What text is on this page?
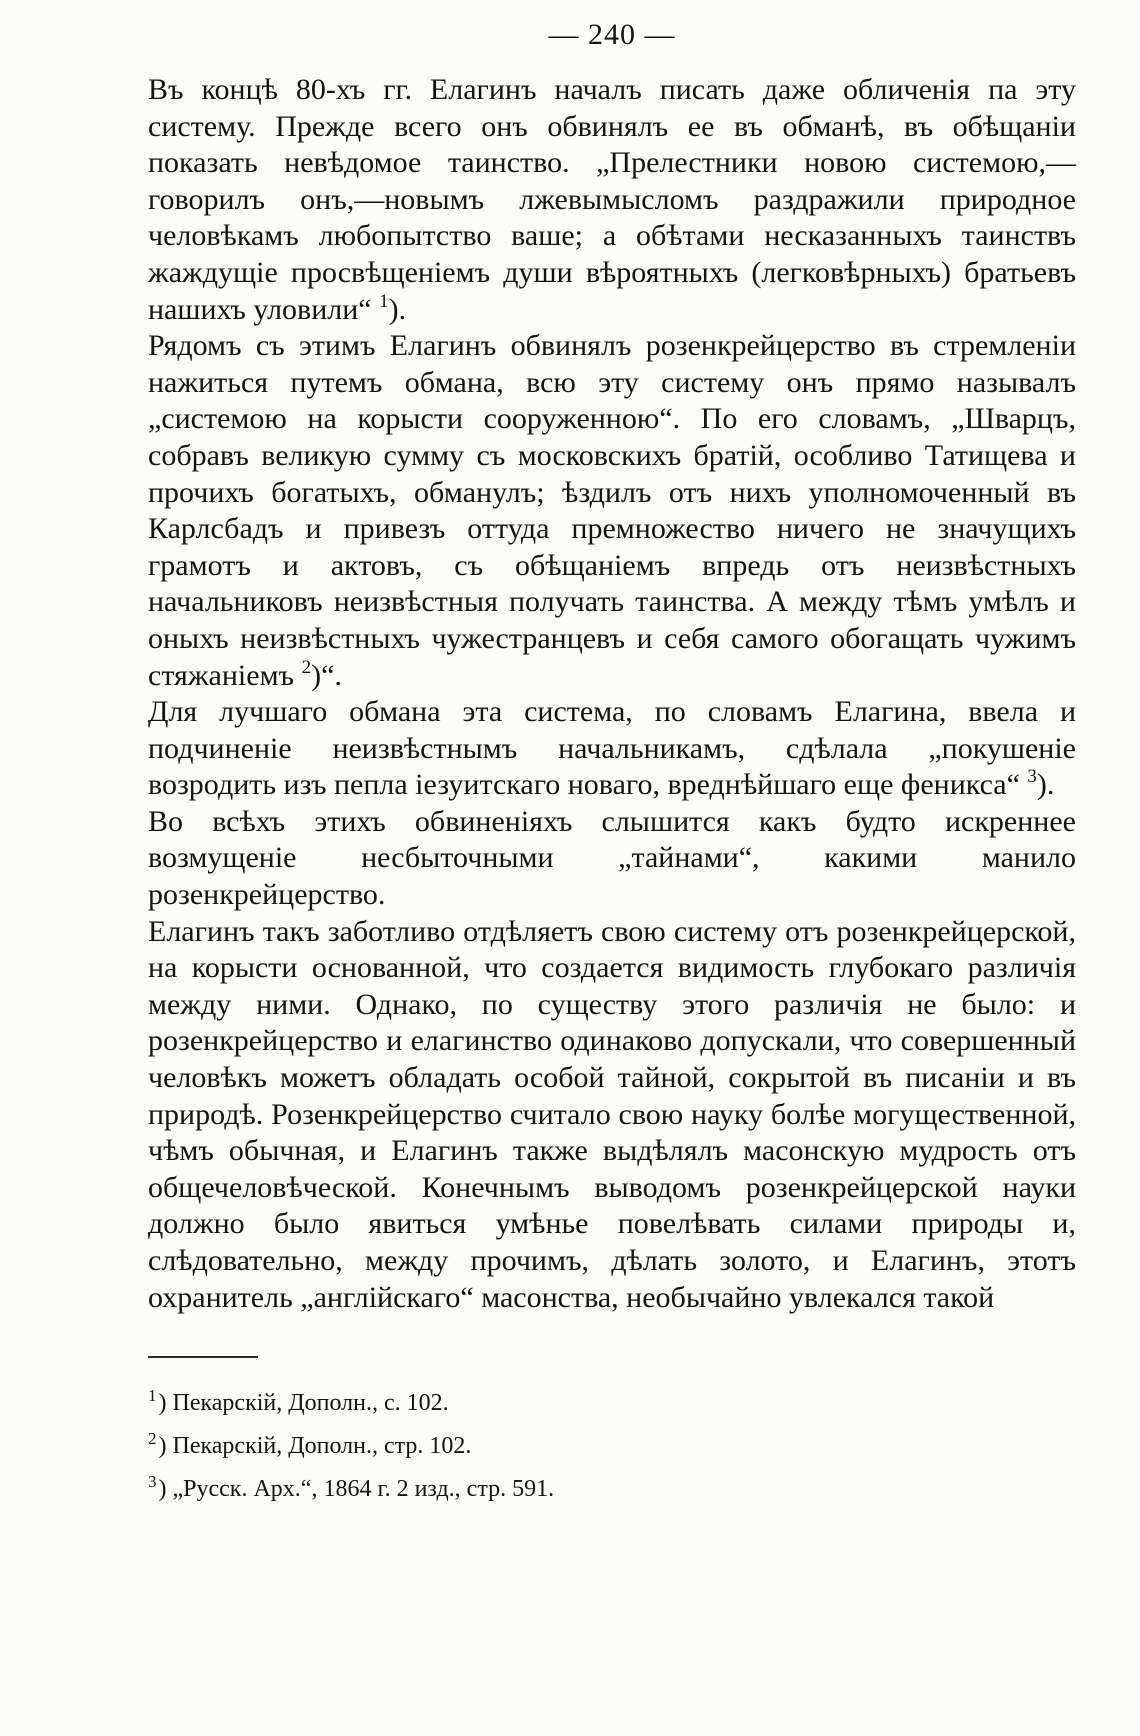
— 240 —

Въ концѣ 80-хъ гг. Елагинъ началъ писать даже обличенія па эту систему. Прежде всего онъ обвинялъ ее въ обманѣ, въ обѣщаніи показать невѣдомое таинство. „Прелестники новою системою,—говорилъ онъ,—новымъ лжевымысломъ раздражили природное человѣкамъ любопытство ваше; а обѣтами несказанныхъ таинствъ жаждущіе просвѣщеніемъ души вѣроятныхъ (легковѣрныхъ) братьевъ нашихъ уловили“ $^1$).

Рядомъ съ этимъ Елагинъ обвинялъ розенкрейцерство въ стремленіи нажиться путемъ обмана, всю эту систему онъ прямо называлъ „системою на корысти сооруженною“. По его словамъ, „Шварцъ, собравъ великую сумму съ московскихъ братій, особливо Татищева и прочихъ богатыхъ, обманулъ; ѣздилъ отъ нихъ уполномоченный въ Карлсбадъ и привезъ оттуда премножество ничего не значущихъ грамотъ и актовъ, съ обѣщаніемъ впредь отъ неизвѣстныхъ начальниковъ неизвѣстныя получать таинства. А между тѣмъ умѣлъ и оныхъ неизвѣстныхъ чужестранцевъ и себя самого обогащать чужимъ стяжаніемъ $^2$)“.

Для лучшаго обмана эта система, по словамъ Елагина, ввела и подчиненіе неизвѣстнымъ начальникамъ, сдѣлала „покушеніе возродить изъ пепла іезуитскаго новаго, вреднѣйшаго еще феникса“ $^3$).

Во всѣхъ этихъ обвиненіяхъ слышится какъ будто искреннее возмущеніе несбыточными „тайнами“, какими манило розенкрейцерство.

Елагинъ такъ заботливо отдѣляетъ свою систему отъ розенкрейцерской, на корысти основанной, что создается видимость глубокаго различія между ними. Однако, по существу этого различія не было: и розенкрейцерство и елагинство одинаково допускали, что совершенный человѣкъ можетъ обладать особой тайной, сокрытой въ писаніи и въ природѣ. Розенкрейцерство считало свою науку болѣе могущественной, чѣмъ обычная, и Елагинъ также выдѣлялъ масонскую мудрость отъ общечеловѣческой. Конечнымъ выводомъ розенкрейцерской науки должно было явиться умѣнье повелѣвать силами природы и, слѣдовательно, между прочимъ, дѣлать золото, и Елагинъ, этотъ охранитель „англійскаго“ масонства, необычайно увлекался такой

$^1$) Пекарскій, Дополн., с. 102.
$^2$) Пекарскій, Дополн., стр. 102.
$^3$) „Русск. Арх.“, 1864 г. 2 изд., стр. 591.
